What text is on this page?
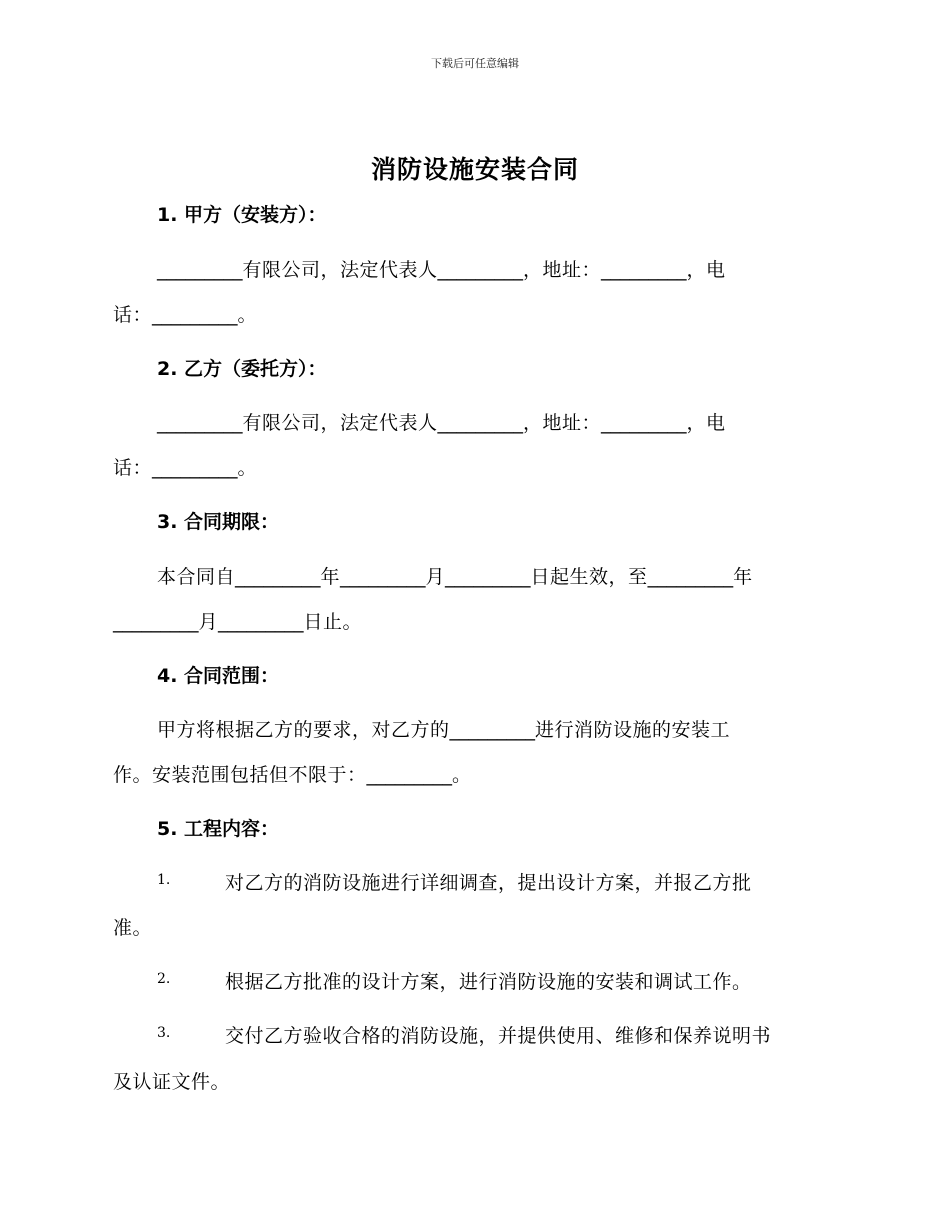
下载后可任意编辑
消防设施安装合同
1. 甲方（安装方）：
_________有限公司，法定代表人_________，地址：_________，电
话：_________。
2. 乙方（委托方）：
_________有限公司，法定代表人_________，地址：_________，电
话：_________。
3. 合同期限：
本合同自_________年_________月_________日起生效，至_________年
_________月_________日止。
4. 合同范围：
甲方将根据乙方的要求，对乙方的_________进行消防设施的安装工
作。安装范围包括但不限于：_________。
5. 工程内容：
1.	对乙方的消防设施进行详细调查，提出设计方案，并报乙方批
准。
2.	根据乙方批准的设计方案，进行消防设施的安装和调试工作。
3.	交付乙方验收合格的消防设施，并提供使用、维修和保养说明书
及认证文件。
